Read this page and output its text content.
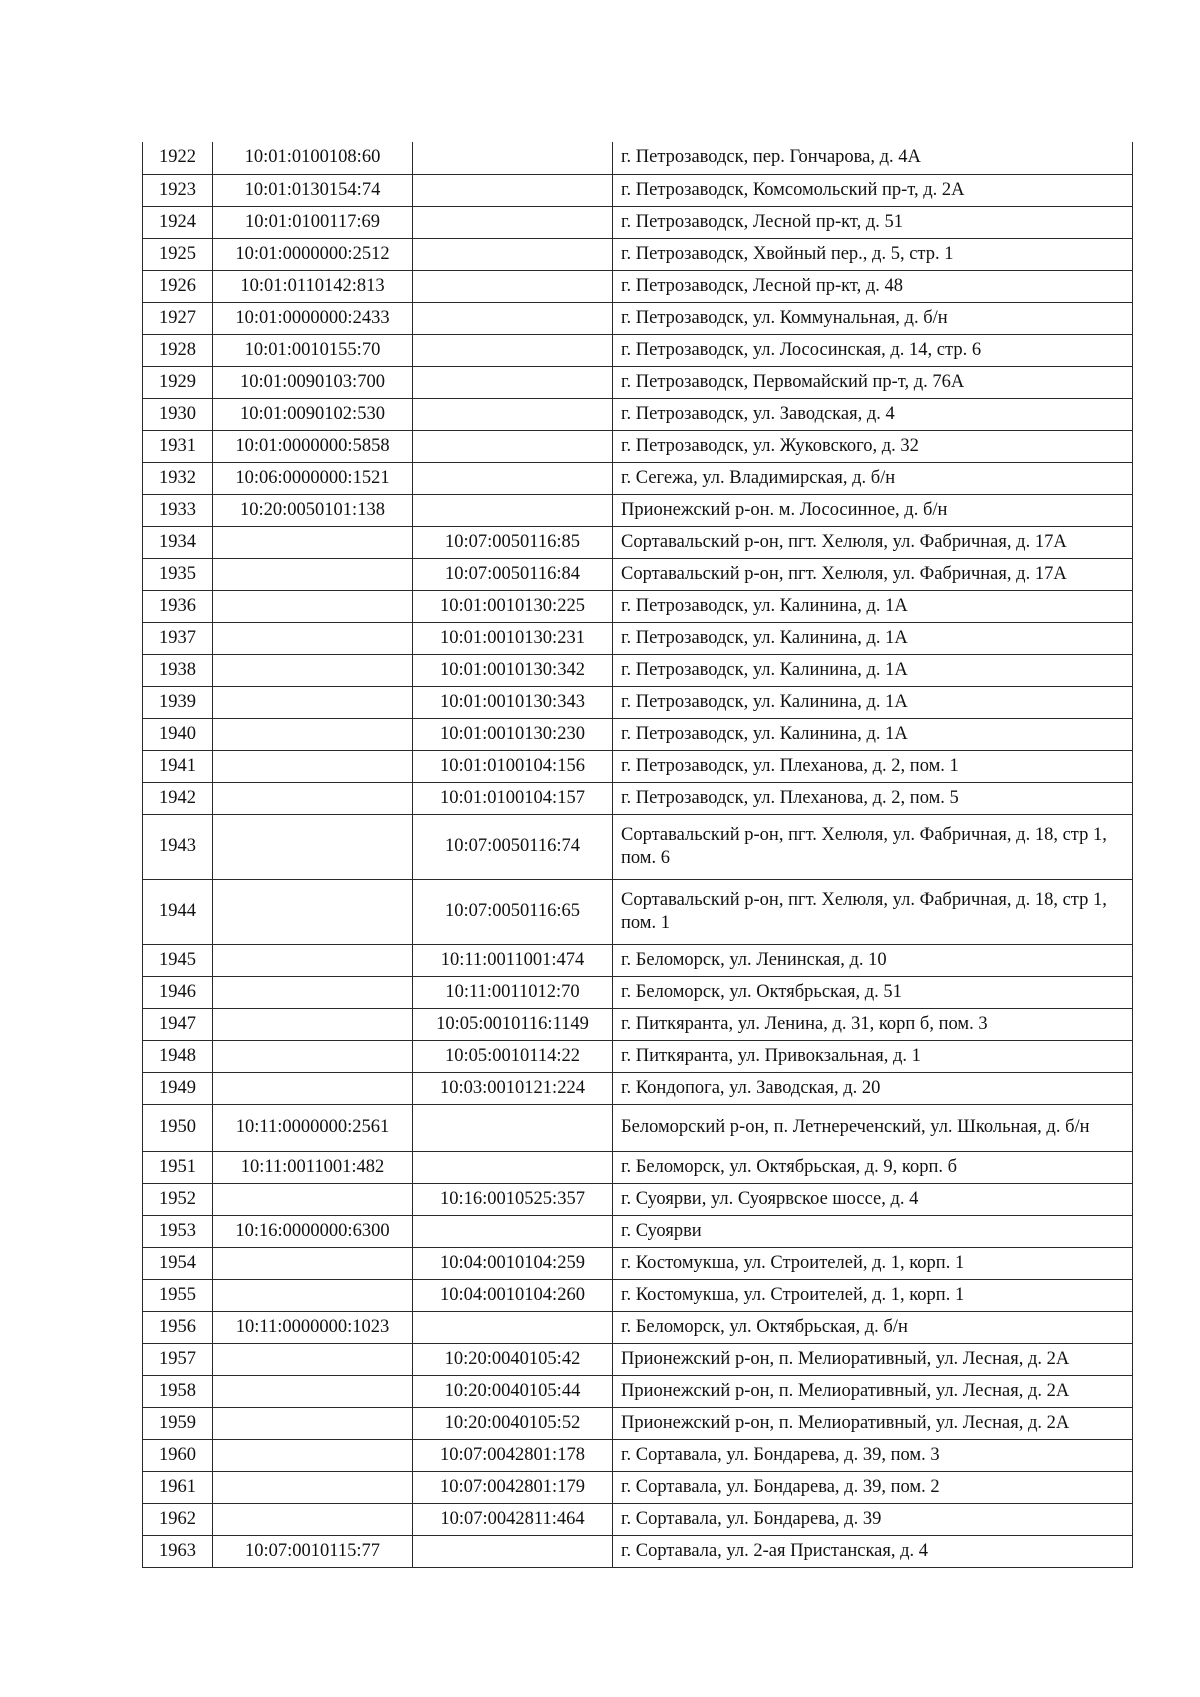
1922	10:01:0100108:60		г. Петрозаводск, пер. Гончарова, д. 4А
1923	10:01:0130154:74		г. Петрозаводск, Комсомольский пр-т, д. 2А
1924	10:01:0100117:69		г. Петрозаводск, Лесной пр-кт, д. 51
1925	10:01:0000000:2512		г. Петрозаводск, Хвойный пер., д. 5, стр. 1
1926	10:01:0110142:813		г. Петрозаводск, Лесной пр-кт, д. 48
1927	10:01:0000000:2433		г. Петрозаводск, ул. Коммунальная, д. б/н
1928	10:01:0010155:70		г. Петрозаводск, ул. Лососинская, д. 14, стр. 6
1929	10:01:0090103:700		г. Петрозаводск, Первомайский пр-т, д. 76А
1930	10:01:0090102:530		г. Петрозаводск, ул. Заводская, д. 4
1931	10:01:0000000:5858		г. Петрозаводск, ул. Жуковского, д. 32
1932	10:06:0000000:1521		г. Сегежа, ул. Владимирская, д. б/н
1933	10:20:0050101:138		Прионежский р-он. м. Лососинное, д. б/н
1934		10:07:0050116:85	Сортавальский р-он, пгт. Хелюля, ул. Фабричная, д. 17А
1935		10:07:0050116:84	Сортавальский р-он, пгт. Хелюля, ул. Фабричная, д. 17А
1936		10:01:0010130:225	г. Петрозаводск, ул. Калинина, д. 1А
1937		10:01:0010130:231	г. Петрозаводск, ул. Калинина, д. 1А
1938		10:01:0010130:342	г. Петрозаводск, ул. Калинина, д. 1А
1939		10:01:0010130:343	г. Петрозаводск, ул. Калинина, д. 1А
1940		10:01:0010130:230	г. Петрозаводск, ул. Калинина, д. 1А
1941		10:01:0100104:156	г. Петрозаводск, ул. Плеханова, д. 2, пом. 1
1942		10:01:0100104:157	г. Петрозаводск, ул. Плеханова, д. 2, пом. 5
1943		10:07:0050116:74	Сортавальский р-он, пгт. Хелюля, ул. Фабричная, д. 18, стр 1, пом. 6
1944		10:07:0050116:65	Сортавальский р-он, пгт. Хелюля, ул. Фабричная, д. 18, стр 1, пом. 1
1945		10:11:0011001:474	г. Беломорск, ул. Ленинская, д. 10
1946		10:11:0011012:70	г. Беломорск, ул. Октябрьская, д. 51
1947		10:05:0010116:1149	г. Питкяранта, ул. Ленина, д. 31, корп б, пом. 3
1948		10:05:0010114:22	г. Питкяранта, ул. Привокзальная, д. 1
1949		10:03:0010121:224	г. Кондопога, ул. Заводская, д. 20
1950	10:11:0000000:2561		Беломорский р-он, п. Летнереченский, ул. Школьная, д. б/н
1951	10:11:0011001:482		г. Беломорск, ул. Октябрьская, д. 9, корп. б
1952		10:16:0010525:357	г. Суоярви, ул. Суоярвское шоссе, д. 4
1953	10:16:0000000:6300		г. Суоярви
1954		10:04:0010104:259	г. Костомукша, ул. Строителей, д. 1, корп. 1
1955		10:04:0010104:260	г. Костомукша, ул. Строителей, д. 1, корп. 1
1956	10:11:0000000:1023		г. Беломорск, ул. Октябрьская, д. б/н
1957		10:20:0040105:42	Прионежский р-он, п. Мелиоративный, ул. Лесная, д. 2А
1958		10:20:0040105:44	Прионежский р-он, п. Мелиоративный, ул. Лесная, д. 2А
1959		10:20:0040105:52	Прионежский р-он, п. Мелиоративный, ул. Лесная, д. 2А
1960		10:07:0042801:178	г. Сортавала, ул. Бондарева, д. 39, пом. 3
1961		10:07:0042801:179	г. Сортавала, ул. Бондарева, д. 39, пом. 2
1962		10:07:0042811:464	г. Сортавала, ул. Бондарева, д. 39
1963	10:07:0010115:77		г. Сортавала, ул. 2-ая Пристанская, д. 4
